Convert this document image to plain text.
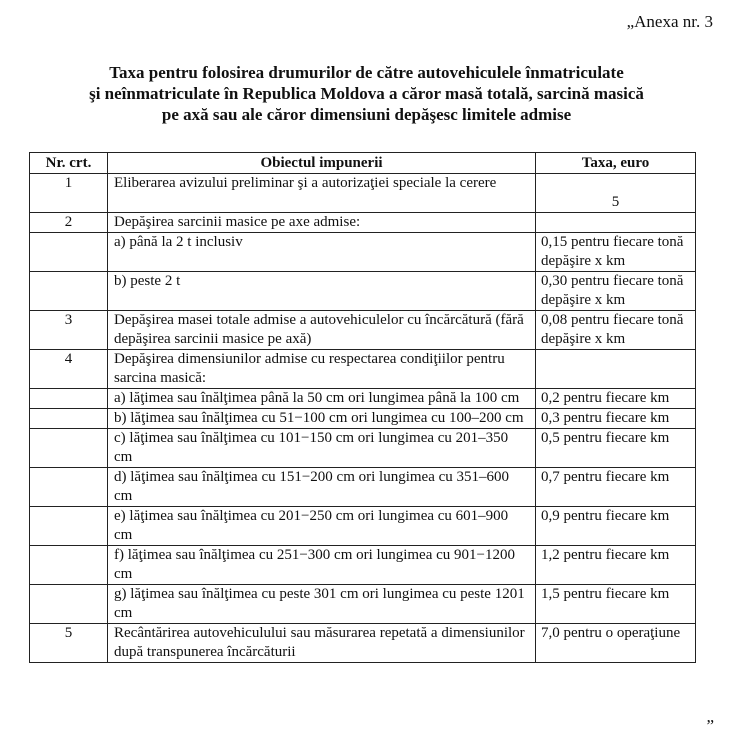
„Anexa nr. 3
Taxa pentru folosirea drumurilor de către autovehiculele înmatriculate
şi neînmatriculate în Republica Moldova a căror masă totală, sarcină masică
pe axă sau ale căror dimensiuni depăşesc limitele admise
Nr. crt.	Obiectul impunerii	Taxa, euro
1	Eliberarea avizului preliminar şi a autorizaţiei speciale la cerere	5
2	Depăşirea sarcinii masice pe axe admise:	
	a) până la 2 t inclusiv	0,15 pentru fiecare tonă depăşire x km
	b) peste 2 t	0,30 pentru fiecare tonă depăşire x km
3	Depăşirea masei totale admise a autovehiculelor cu încărcătură (fără depăşirea sarcinii masice pe axă)	0,08 pentru fiecare tonă depăşire x km
4	Depăşirea dimensiunilor admise cu respectarea condiţiilor pentru sarcina masică:	
	a) lăţimea sau înălţimea până la 50 cm ori lungimea până la 100 cm	0,2 pentru fiecare km
	b) lăţimea sau înălţimea cu 51−100 cm ori lungimea cu 100–200 cm	0,3 pentru fiecare km
	c) lăţimea sau înălţimea cu 101−150 cm ori lungimea cu 201–350 cm	0,5 pentru fiecare km
	d) lăţimea sau înălţimea cu 151−200 cm ori lungimea cu 351–600 cm	0,7 pentru fiecare km
	e) lăţimea sau înălţimea cu 201−250 cm ori lungimea cu 601–900 cm	0,9 pentru fiecare km
	f) lăţimea sau înălţimea cu 251−300 cm ori lungimea cu 901−1200 cm	1,2 pentru fiecare km
	g) lăţimea sau înălţimea cu peste 301 cm ori lungimea cu peste 1201 cm	1,5 pentru fiecare km
5	Recântărirea autovehiculului sau măsurarea repetată a dimensiunilor după transpunerea încărcăturii	7,0 pentru o operaţiune
”
